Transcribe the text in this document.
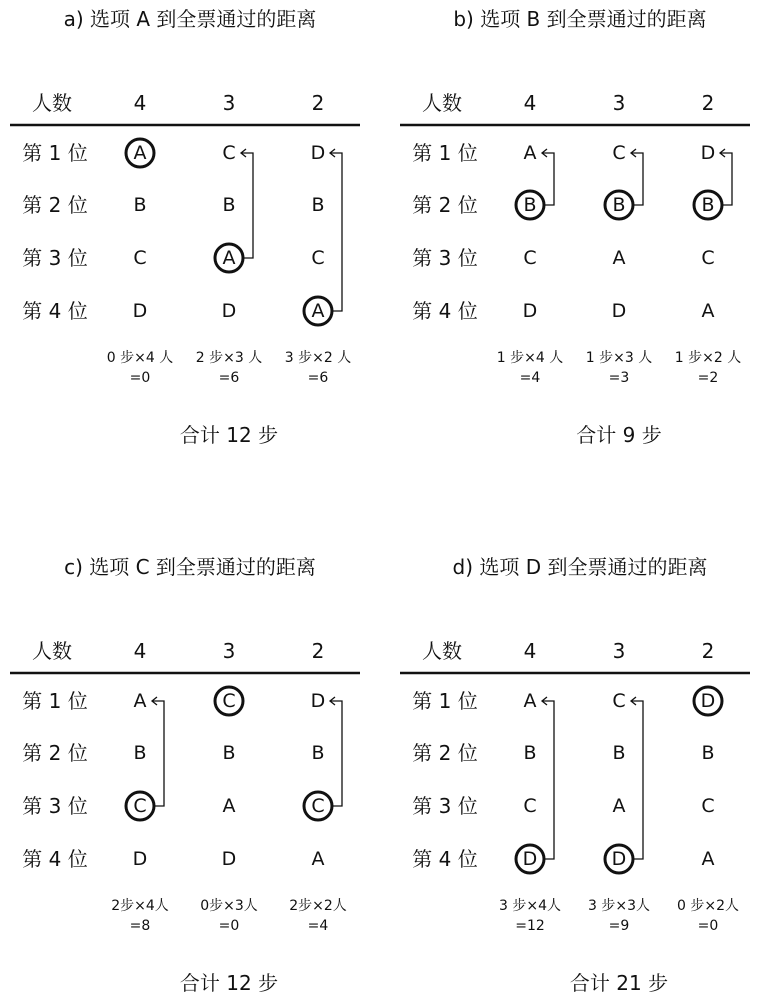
a) 选项 A 到全票通过的距离
人数
第 1 位
第 2 位
第 3 位
第 4 位
4
A
B
C
D
0 步×4 人
=0
3
C
B
A
D
2 步×3 人
=6
2
D
B
C
A
3 步×2 人
=6
合计 12 步
b) 选项 B 到全票通过的距离
人数
第 1 位
第 2 位
第 3 位
第 4 位
4
A
B
C
D
1 步×4 人
=4
3
C
B
A
D
1 步×3 人
=3
2
D
B
C
A
1 步×2 人
=2
合计 9 步
c) 选项 C 到全票通过的距离
人数
第 1 位
第 2 位
第 3 位
第 4 位
4
A
B
C
D
2步×4人
=8
3
C
B
A
D
0步×3人
=0
2
D
B
C
A
2步×2人
=4
合计 12 步
d) 选项 D 到全票通过的距离
人数
第 1 位
第 2 位
第 3 位
第 4 位
4
A
B
C
D
3 步×4人
=12
3
C
B
A
D
3 步×3人
=9
2
D
B
C
A
0 步×2人
=0
合计 21 步
